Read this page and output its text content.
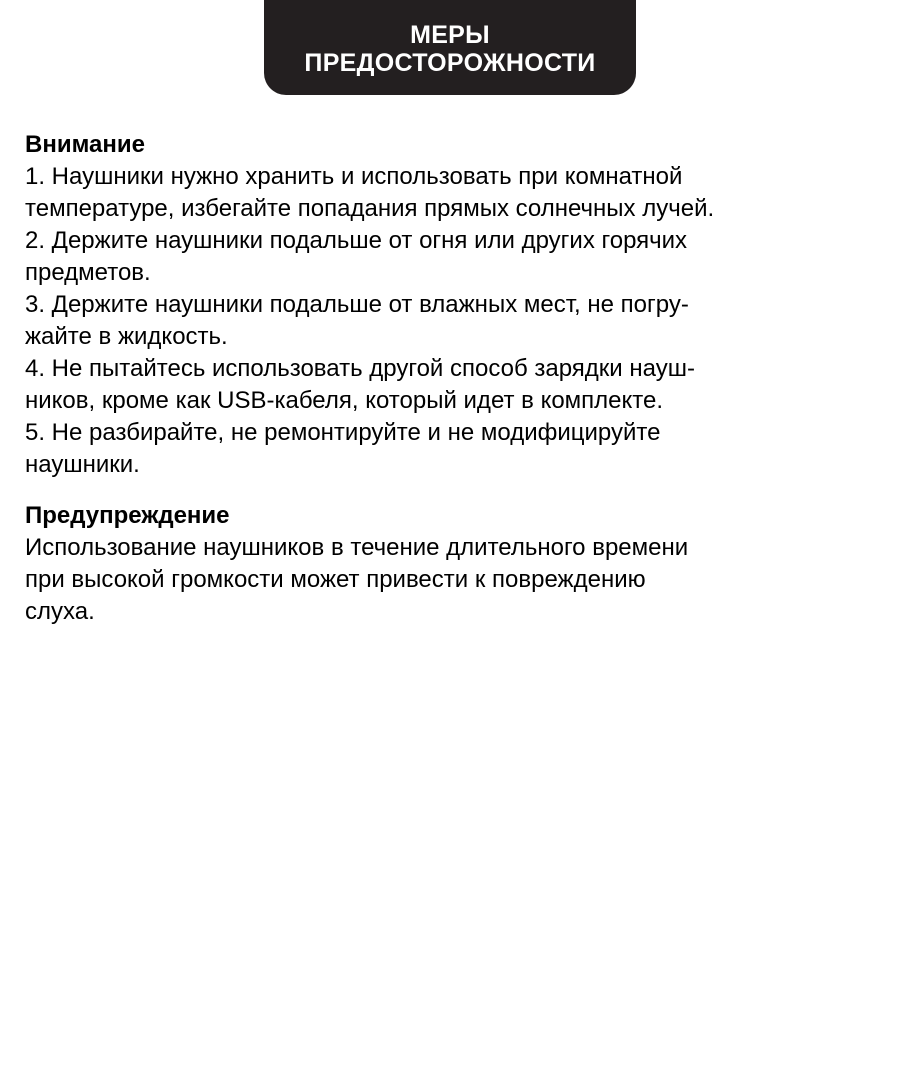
МЕРЫ
ПРЕДОСТОРОЖНОСТИ
Внимание
1. Наушники нужно хранить и использовать при комнатной
температуре, избегайте попадания прямых солнечных лучей.
2. Держите наушники подальше от огня или других горячих
предметов.
3. Держите наушники подальше от влажных мест, не погру-
жайте в жидкость.
4. Не пытайтесь использовать другой способ зарядки науш-
ников, кроме как USB-кабеля, который идет в комплекте.
5. Не разбирайте, не ремонтируйте и не модифицируйте
наушники.
Предупреждение
Использование наушников в течение длительного времени
при высокой громкости может привести к повреждению
слуха.
